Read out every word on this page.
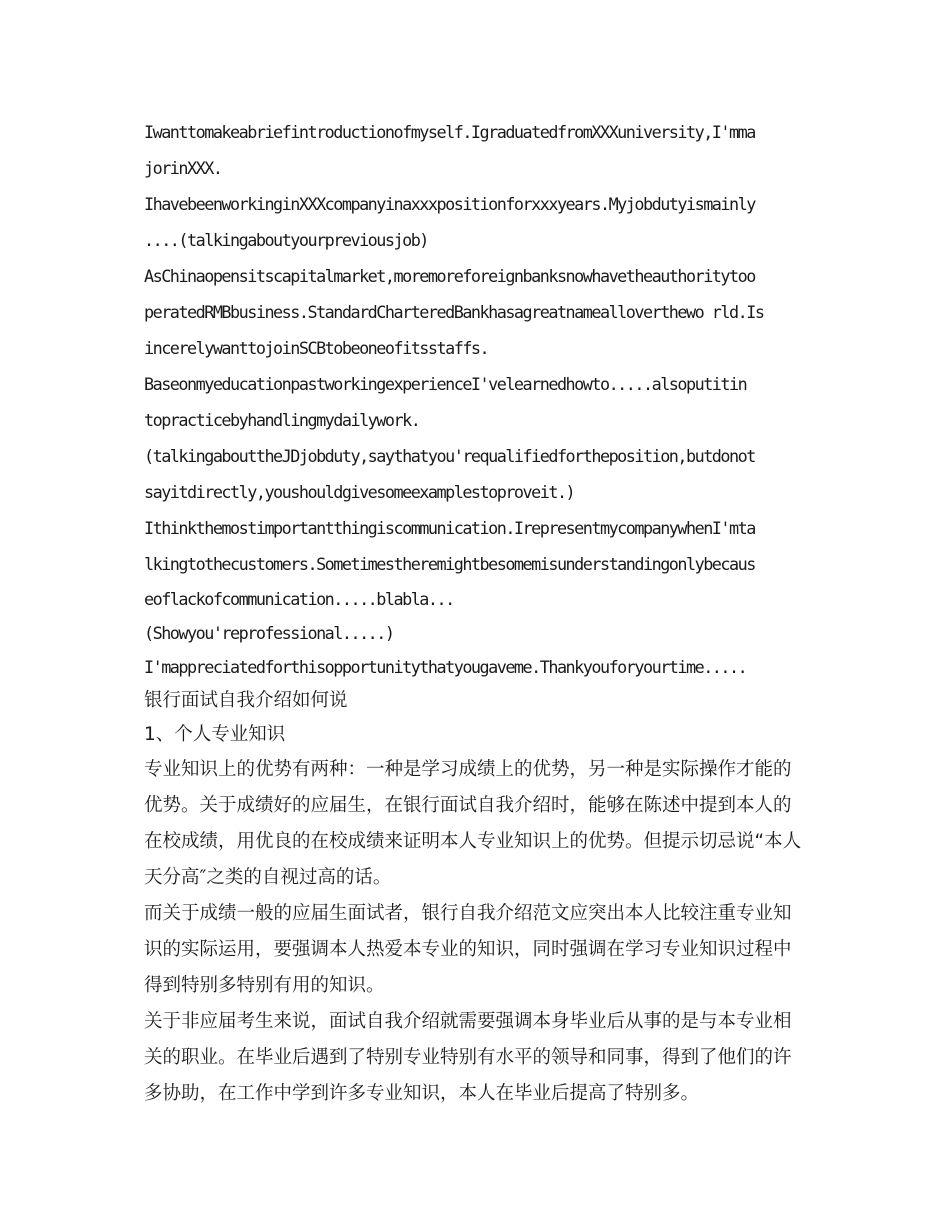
Iwanttomakeabriefintroductionofmyself.IgraduatedfromXXXuniversity,I'mma
jorinXXX.
IhavebeenworkinginXXXcompanyinaxxxpositionforxxxyears.Myjobdutyismainly
....(talkingaboutyourpreviousjob)
AsChinaopensitscapitalmarket,moremoreforeignbanksnowhavetheauthoritytoo
peratedRMBbusiness.StandardCharteredBankhasagreatnamealloverthewo rld.Is
incerelywanttojoinSCBtobeoneofitsstaffs.
BaseonmyeducationpastworkingexperienceI'velearnedhowto.....alsoputitin
topracticebyhandlingmydailywork.
(talkingabouttheJDjobduty,saythatyou'requalifiedfortheposition,butdonot
sayitdirectly,youshouldgivesomeexamplestoproveit.)
Ithinkthemostimportantthingiscommunication.IrepresentmycompanywhenI'mta
lkingtothecustomers.Sometimestheremightbesomemisunderstandingonlybecaus
eoflackofcommunication.....blabla...
(Showyou'reprofessional.....)
I'mappreciatedforthisopportunitythatyougaveme.Thankyouforyourtime.....
银行面试自我介绍如何说
1、个人专业知识
专业知识上的优势有两种：一种是学习成绩上的优势，另一种是实际操作才能的
优势。关于成绩好的应届生，在银行面试自我介绍时，能够在陈述中提到本人的
在校成绩，用优良的在校成绩来证明本人专业知识上的优势。但提示切忌说“本人
天分高″之类的自视过高的话。
而关于成绩一般的应届生面试者，银行自我介绍范文应突出本人比较注重专业知
识的实际运用，要强调本人热爱本专业的知识，同时强调在学习专业知识过程中
得到特别多特别有用的知识。
关于非应届考生来说，面试自我介绍就需要强调本身毕业后从事的是与本专业相
关的职业。在毕业后遇到了特别专业特别有水平的领导和同事，得到了他们的许
多协助，在工作中学到许多专业知识，本人在毕业后提高了特别多。
